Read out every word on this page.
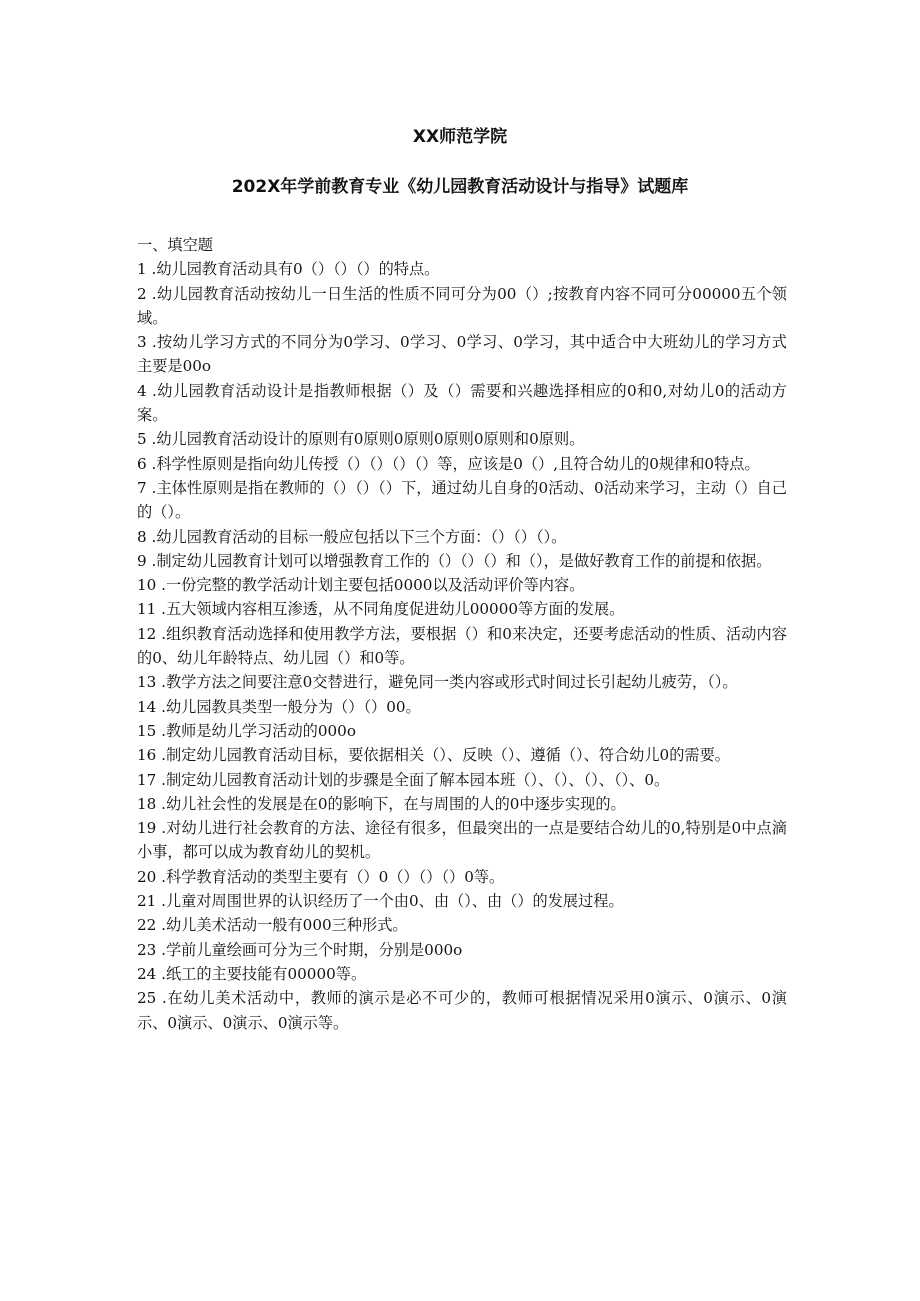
XX师范学院
202X年学前教育专业《幼儿园教育活动设计与指导》试题库

一、填空题

1 .幼儿园教育活动具有0（）（）（）的特点。

2 .幼儿园教育活动按幼儿一日生活的性质不同可分为00（）;按教育内容不同可分00000五个领域。

3 .按幼儿学习方式的不同分为0学习、0学习、0学习、0学习，其中适合中大班幼儿的学习方式主要是00o

4 .幼儿园教育活动设计是指教师根据（）及（）需要和兴趣选择相应的0和0,对幼儿0的活动方案。

5 .幼儿园教育活动设计的原则有0原则0原则0原则0原则和0原则。

6 .科学性原则是指向幼儿传授（）（）（）（）等，应该是0（）,且符合幼儿的0规律和0特点。

7 .主体性原则是指在教师的（）（）（）下，通过幼儿自身的0活动、0活动来学习，主动（）自己的（）。

8 .幼儿园教育活动的目标一般应包括以下三个方面：（）（）（）。

9 .制定幼儿园教育计划可以增强教育工作的（）（）（）和（），是做好教育工作的前提和依据。

10 .一份完整的教学活动计划主要包括0000以及活动评价等内容。

11 .五大领域内容相互渗透，从不同角度促进幼儿00000等方面的发展。

12 .组织教育活动选择和使用教学方法，要根据（）和0来决定，还要考虑活动的性质、活动内容的0、幼儿年龄特点、幼儿园（）和0等。

13 .教学方法之间要注意0交替进行，避免同一类内容或形式时间过长引起幼儿疲劳，（）。

14 .幼儿园教具类型一般分为（）（）00。

15 .教师是幼儿学习活动的000o

16 .制定幼儿园教育活动目标，要依据相关（）、反映（）、遵循（）、符合幼儿0的需要。

17 .制定幼儿园教育活动计划的步骤是全面了解本园本班（）、（）、（）、（）、0。

18 .幼儿社会性的发展是在0的影响下，在与周围的人的0中逐步实现的。

19 .对幼儿进行社会教育的方法、途径有很多，但最突出的一点是要结合幼儿的0,特别是0中点滴小事，都可以成为教育幼儿的契机。

20 .科学教育活动的类型主要有（）0（）（）（）0等。

21 .儿童对周围世界的认识经历了一个由0、由（）、由（）的发展过程。

22 .幼儿美术活动一般有000三种形式。

23 .学前儿童绘画可分为三个时期，分别是000o

24 .纸工的主要技能有00000等。

25 .在幼儿美术活动中，教师的演示是必不可少的，教师可根据情况采用0演示、0演示、0演示、0演示、0演示、0演示等。
